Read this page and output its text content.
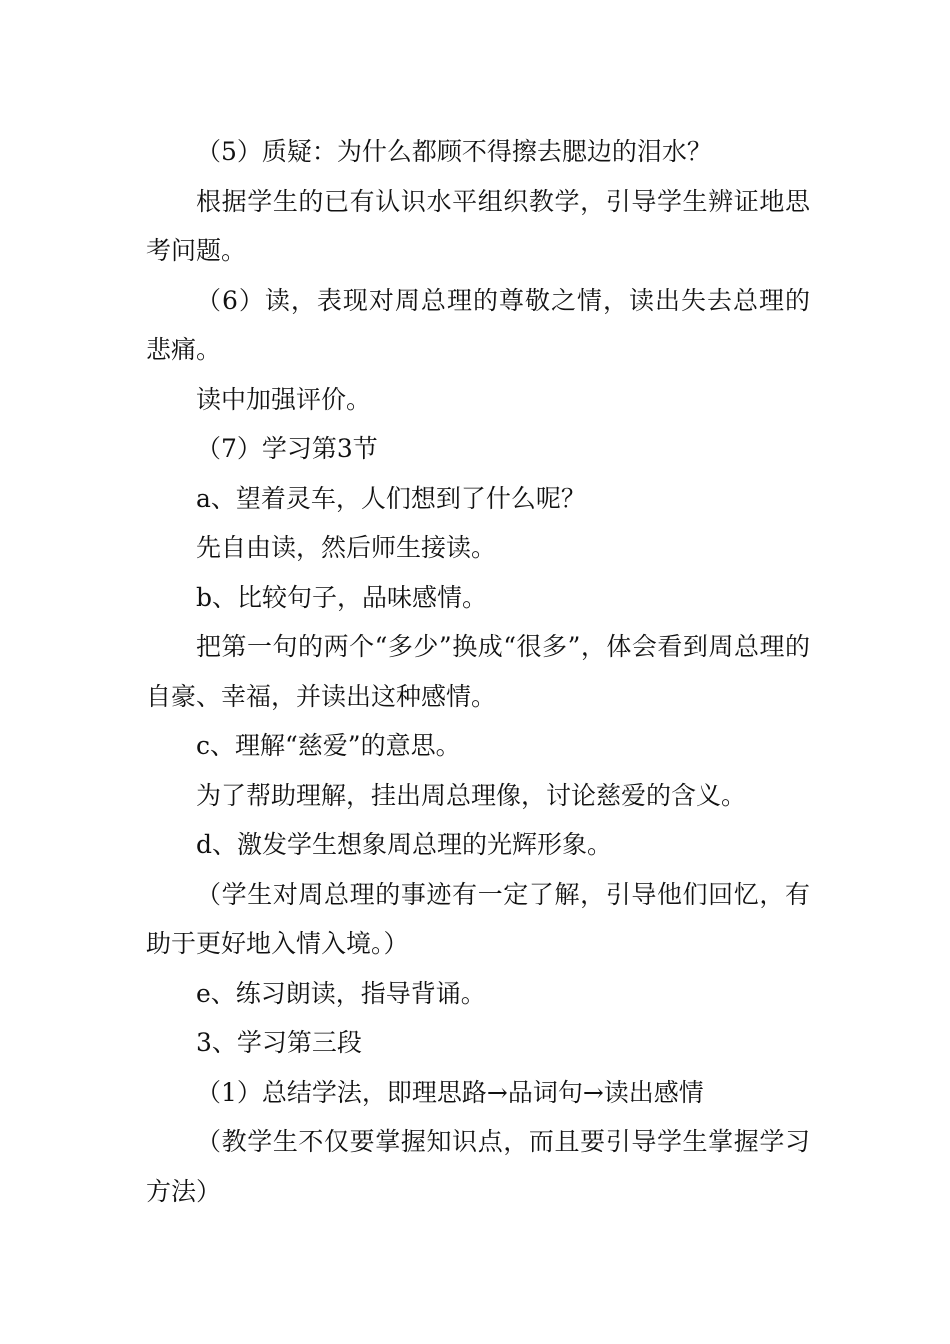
（5）质疑：为什么都顾不得擦去腮边的泪水？

根据学生的已有认识水平组织教学，引导学生辨证地思考问题。

（6）读，表现对周总理的尊敬之情，读出失去总理的悲痛。

读中加强评价。

（7）学习第3节

a、望着灵车，人们想到了什么呢？

先自由读，然后师生接读。

b、比较句子，品味感情。

把第一句的两个“多少”换成“很多”，体会看到周总理的自豪、幸福，并读出这种感情。

c、理解“慈爱”的意思。

为了帮助理解，挂出周总理像，讨论慈爱的含义。

d、激发学生想象周总理的光辉形象。

（学生对周总理的事迹有一定了解，引导他们回忆，有助于更好地入情入境。）

e、练习朗读，指导背诵。

3、学习第三段

（1）总结学法，即理思路→品词句→读出感情

（教学生不仅要掌握知识点，而且要引导学生掌握学习方法）
